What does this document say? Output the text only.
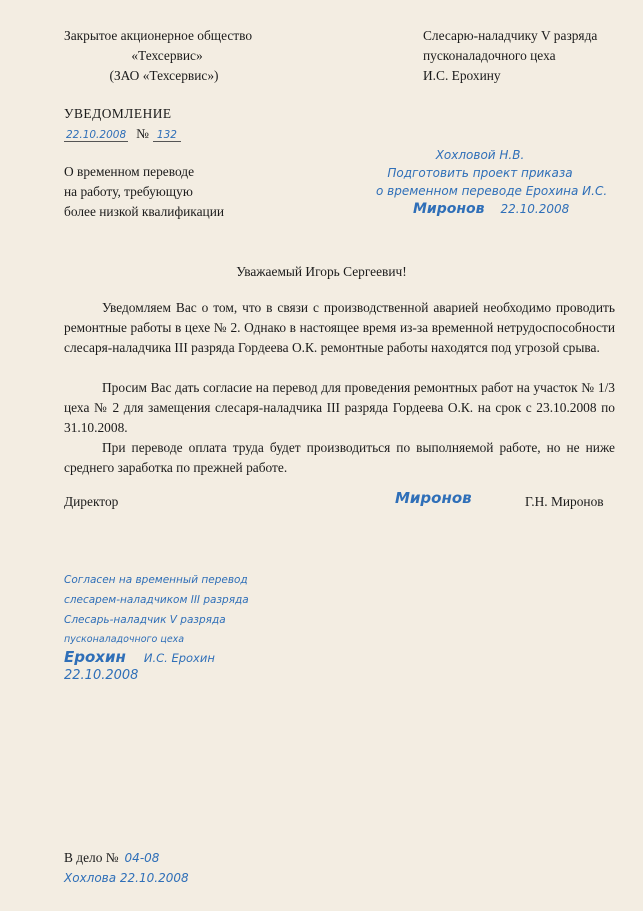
Закрытое акционерное общество
«Техсервис»
(ЗАО «Техсервис»)
Слесарю-наладчику V разряда
пусконаладочного цеха
И.С. Ерохину
УВЕДОМЛЕНИЕ
22.10.2008 № 132
О временном переводе
на работу, требующую
более низкой квалификации
Хохловой Н.В.
Подготовить проект приказа
о временном переводе Ерохина И.С.
Миронов 22.10.2008
Уважаемый Игорь Сергеевич!
Уведомляем Вас о том, что в связи с производственной аварией необходимо проводить ремонтные работы в цехе № 2. Однако в настоящее время из-за временной нетрудоспособности слесаря-наладчика III разряда Гордеева О.К. ремонтные работы находятся под угрозой срыва.
Просим Вас дать согласие на перевод для проведения ремонтных работ на участок № 1/3 цеха № 2 для замещения слесаря-наладчика III разряда Гордеева О.К. на срок с 23.10.2008 по 31.10.2008.
При переводе оплата труда будет производиться по выполняемой работе, но не ниже среднего заработка по прежней работе.
Директор	Миронов	Г.Н. Миронов
Согласен на временный перевод
слесарем-наладчиком III разряда
Слесарь-наладчик V разряда
пусконаладочного цеха
Ерохин И.С. Ерохин
22.10.2008
В дело № 04-08
Хохлова 22.10.2008
